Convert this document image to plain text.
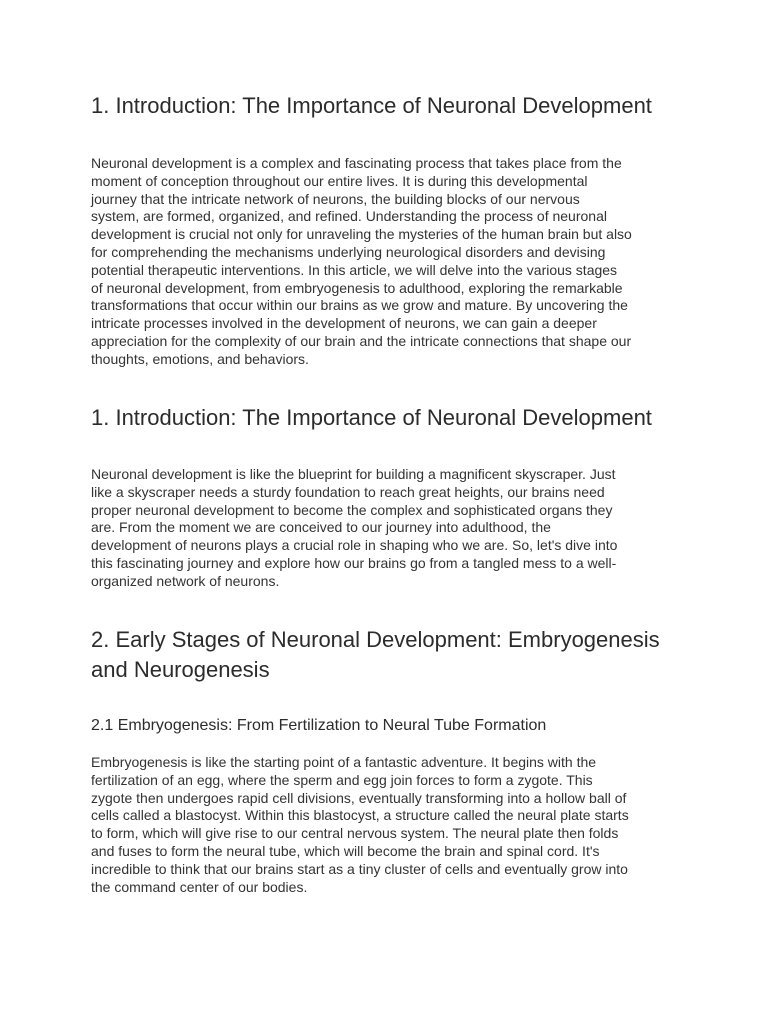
1. Introduction: The Importance of Neuronal Development

Neuronal development is a complex and fascinating process that takes place from the
moment of conception throughout our entire lives. It is during this developmental
journey that the intricate network of neurons, the building blocks of our nervous
system, are formed, organized, and refined. Understanding the process of neuronal
development is crucial not only for unraveling the mysteries of the human brain but also
for comprehending the mechanisms underlying neurological disorders and devising
potential therapeutic interventions. In this article, we will delve into the various stages
of neuronal development, from embryogenesis to adulthood, exploring the remarkable
transformations that occur within our brains as we grow and mature. By uncovering the
intricate processes involved in the development of neurons, we can gain a deeper
appreciation for the complexity of our brain and the intricate connections that shape our
thoughts, emotions, and behaviors.

1. Introduction: The Importance of Neuronal Development

Neuronal development is like the blueprint for building a magnificent skyscraper. Just
like a skyscraper needs a sturdy foundation to reach great heights, our brains need
proper neuronal development to become the complex and sophisticated organs they
are. From the moment we are conceived to our journey into adulthood, the
development of neurons plays a crucial role in shaping who we are. So, let's dive into
this fascinating journey and explore how our brains go from a tangled mess to a well-
organized network of neurons.

2. Early Stages of Neuronal Development: Embryogenesis
and Neurogenesis
2.1 Embryogenesis: From Fertilization to Neural Tube Formation

Embryogenesis is like the starting point of a fantastic adventure. It begins with the
fertilization of an egg, where the sperm and egg join forces to form a zygote. This
zygote then undergoes rapid cell divisions, eventually transforming into a hollow ball of
cells called a blastocyst. Within this blastocyst, a structure called the neural plate starts
to form, which will give rise to our central nervous system. The neural plate then folds
and fuses to form the neural tube, which will become the brain and spinal cord. It's
incredible to think that our brains start as a tiny cluster of cells and eventually grow into
the command center of our bodies.
